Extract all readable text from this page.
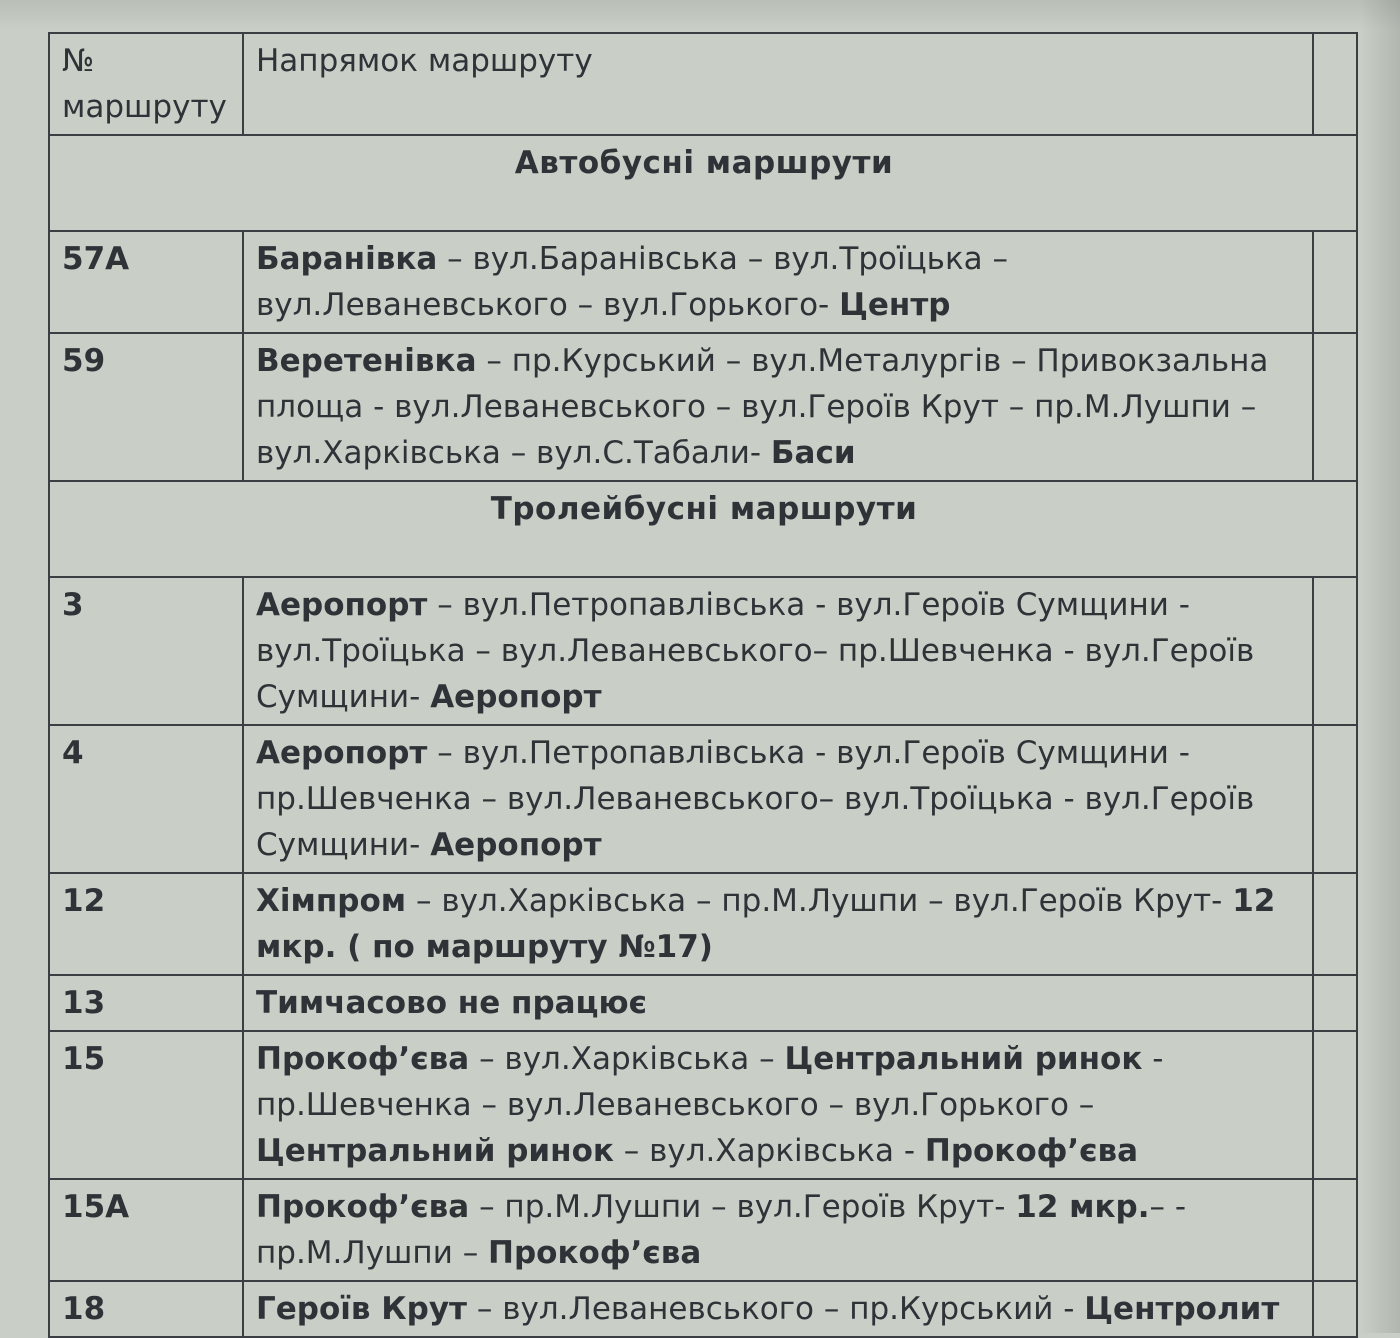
№ маршруту	Напрямок маршруту	
Автобусні маршрути		
57А	Баранівка – вул.Баранівська – вул.Троїцька – вул.Леваневського – вул.Горького- Центр	
59	Веретенівка – пр.Курський – вул.Металургів – Привокзальна площа - вул.Леваневського – вул.Героїв Крут – пр.М.Лушпи – вул.Харківська – вул.С.Табали- Баси	
Тролейбусні маршрути		
3	Аеропорт – вул.Петропавлівська - вул.Героїв Сумщини - вул.Троїцька – вул.Леваневського– пр.Шевченка - вул.Героїв Сумщини- Аеропорт	
4	Аеропорт – вул.Петропавлівська - вул.Героїв Сумщини - пр.Шевченка – вул.Леваневського– вул.Троїцька - вул.Героїв Сумщини- Аеропорт	
12	Хімпром – вул.Харківська – пр.М.Лушпи – вул.Героїв Крут- 12 мкр. ( по маршруту №17)	
13	Тимчасово не працює	
15	Прокоф’єва – вул.Харківська – Центральний ринок - пр.Шевченка – вул.Леваневського – вул.Горького – Центральний ринок – вул.Харківська - Прокоф’єва	
15А	Прокоф’єва – пр.М.Лушпи – вул.Героїв Крут- 12 мкр.– - пр.М.Лушпи – Прокоф’єва	
18	Героїв Крут – вул.Леваневського – пр.Курський - Центролит	
